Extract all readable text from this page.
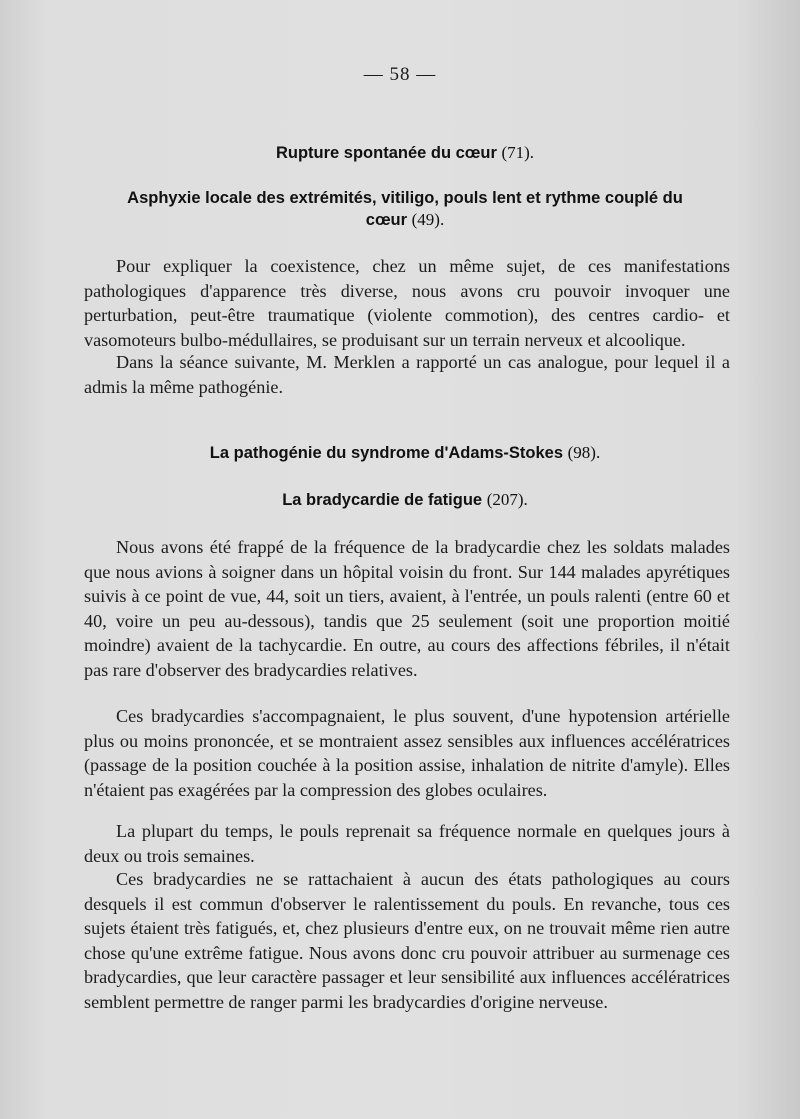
— 58 —
Rupture spontanée du cœur (71).
Asphyxie locale des extrémités, vitiligo, pouls lent et rythme couplé du cœur (49).

Pour expliquer la coexistence, chez un même sujet, de ces manifestations pathologiques d'apparence très diverse, nous avons cru pouvoir invoquer une perturbation, peut-être traumatique (violente commotion), des centres cardio- et vasomoteurs bulbo-médullaires, se produisant sur un terrain nerveux et alcoolique.

Dans la séance suivante, M. Merklen a rapporté un cas analogue, pour lequel il a admis la même pathogénie.

La pathogénie du syndrome d'Adams-Stokes (98).
La bradycardie de fatigue (207).

Nous avons été frappé de la fréquence de la bradycardie chez les soldats malades que nous avions à soigner dans un hôpital voisin du front. Sur 144 malades apyrétiques suivis à ce point de vue, 44, soit un tiers, avaient, à l'entrée, un pouls ralenti (entre 60 et 40, voire un peu au-dessous), tandis que 25 seulement (soit une proportion moitié moindre) avaient de la tachycardie. En outre, au cours des affections fébriles, il n'était pas rare d'observer des bradycardies relatives.

Ces bradycardies s'accompagnaient, le plus souvent, d'une hypotension artérielle plus ou moins prononcée, et se montraient assez sensibles aux influences accélératrices (passage de la position couchée à la position assise, inhalation de nitrite d'amyle). Elles n'étaient pas exagérées par la compression des globes oculaires.

La plupart du temps, le pouls reprenait sa fréquence normale en quelques jours à deux ou trois semaines.

Ces bradycardies ne se rattachaient à aucun des états pathologiques au cours desquels il est commun d'observer le ralentissement du pouls. En revanche, tous ces sujets étaient très fatigués, et, chez plusieurs d'entre eux, on ne trouvait même rien autre chose qu'une extrême fatigue. Nous avons donc cru pouvoir attribuer au surmenage ces bradycardies, que leur caractère passager et leur sensibilité aux influences accélératrices semblent permettre de ranger parmi les bradycardies d'origine nerveuse.
